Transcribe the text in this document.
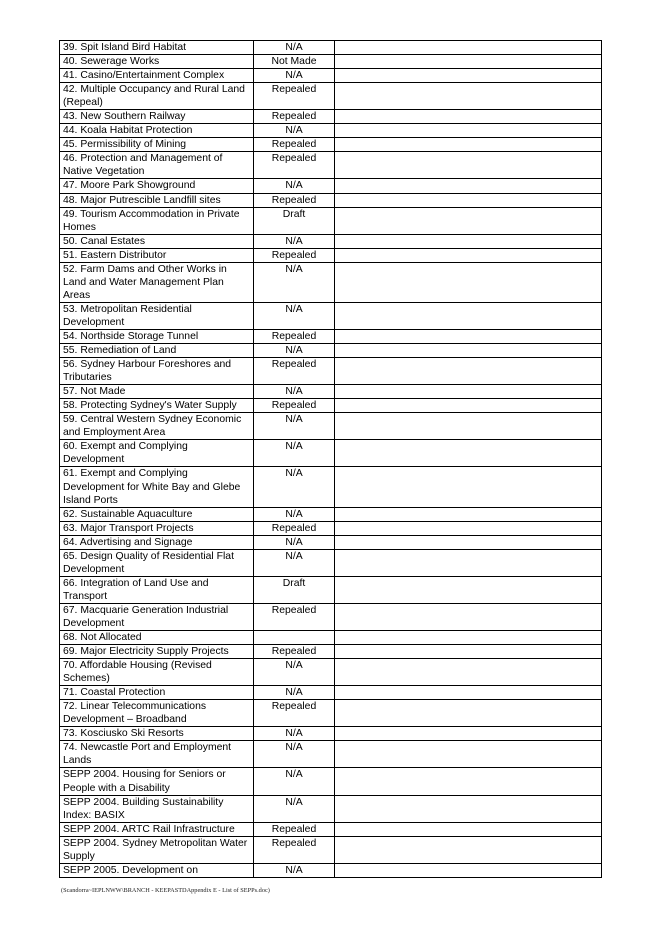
39. Spit Island Bird Habitat	N/A	
40. Sewerage Works	Not Made	
41. Casino/Entertainment Complex	N/A	
42. Multiple Occupancy and Rural Land (Repeal)	Repealed	
43. New Southern Railway	Repealed	
44. Koala Habitat Protection	N/A	
45. Permissibility of Mining	Repealed	
46. Protection and Management of Native Vegetation	Repealed	
47. Moore Park Showground	N/A	
48. Major Putrescible Landfill sites	Repealed	
49. Tourism Accommodation in Private Homes	Draft	
50. Canal Estates	N/A	
51. Eastern Distributor	Repealed	
52. Farm Dams and Other Works in Land and Water Management Plan Areas	N/A	
53. Metropolitan Residential Development	N/A	
54. Northside Storage Tunnel	Repealed	
55. Remediation of Land	N/A	
56. Sydney Harbour Foreshores and Tributaries	Repealed	
57. Not Made	N/A	
58. Protecting Sydney's Water Supply	Repealed	
59. Central Western Sydney Economic and Employment Area	N/A	
60. Exempt and Complying Development	N/A	
61. Exempt and Complying Development for White Bay and Glebe Island Ports	N/A	
62. Sustainable Aquaculture	N/A	
63. Major Transport Projects	Repealed	
64. Advertising and Signage	N/A	
65. Design Quality of Residential Flat Development	N/A	
66. Integration of Land Use and Transport	Draft	
67. Macquarie Generation Industrial Development	Repealed	
68. Not Allocated		
69. Major Electricity Supply Projects	Repealed	
70. Affordable Housing (Revised Schemes)	N/A	
71. Coastal Protection	N/A	
72. Linear Telecommunications Development – Broadband	Repealed	
73. Kosciusko Ski Resorts	N/A	
74. Newcastle Port and Employment Lands	N/A	
SEPP 2004. Housing for Seniors or People with a Disability	N/A	
SEPP 2004. Building Sustainability Index: BASIX	N/A	
SEPP 2004. ARTC Rail Infrastructure	Repealed	
SEPP 2004. Sydney Metropolitan Water Supply	Repealed	
SEPP 2005. Development on	N/A	
(Scandorra~IEPLNWW\BRANCH - KEEPASTDAppendix E - List of SEPPs.doc)
